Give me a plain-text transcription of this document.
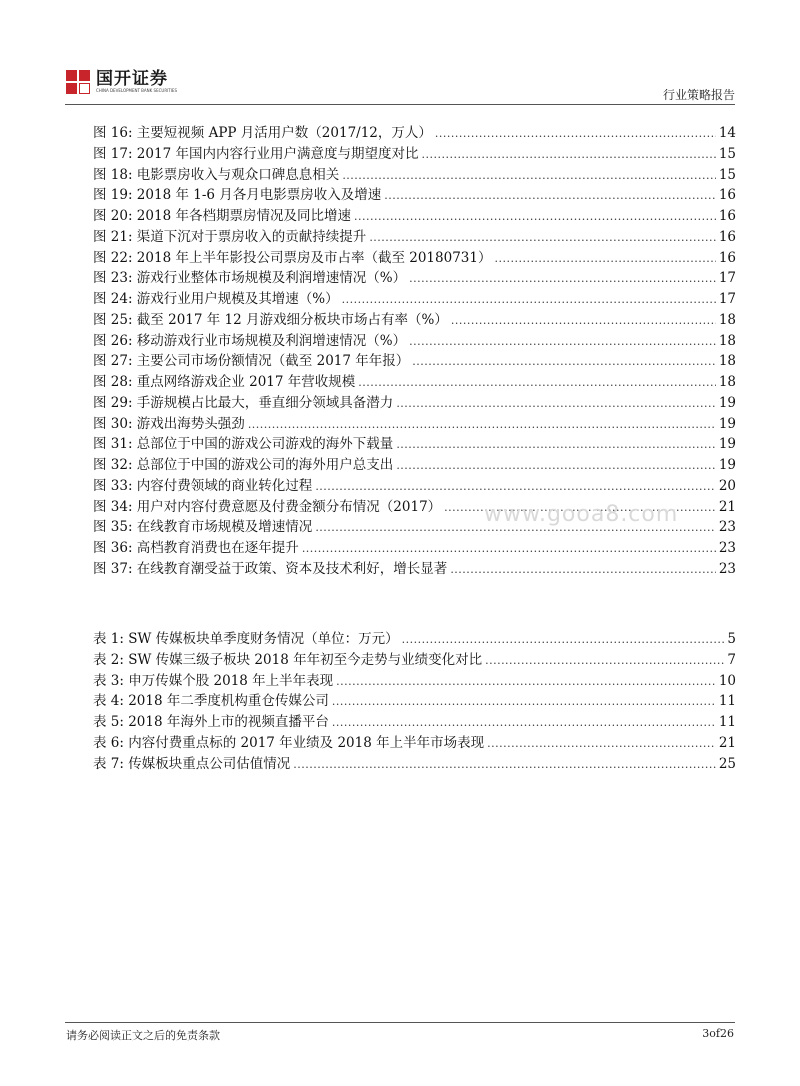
国开证券
CHINA DEVELOPMENT BANK SECURITIES	行业策略报告
图 16: 主要短视频 APP 月活用户数（2017/12，万人） .....	14
图 17: 2017 年国内内容行业用户满意度与期望度对比 .....	15
图 18: 电影票房收入与观众口碑息息相关 .....	15
图 19: 2018 年 1-6 月各月电影票房收入及增速 .....	16
图 20: 2018 年各档期票房情况及同比增速 .....	16
图 21: 渠道下沉对于票房收入的贡献持续提升 .....	16
图 22: 2018 年上半年影投公司票房及市占率（截至 20180731） .....	16
图 23: 游戏行业整体市场规模及利润增速情况（%） .....	17
图 24: 游戏行业用户规模及其增速（%） .....	17
图 25: 截至 2017 年 12 月游戏细分板块市场占有率（%） .....	18
图 26: 移动游戏行业市场规模及利润增速情况（%） .....	18
图 27: 主要公司市场份额情况（截至 2017 年年报） .....	18
图 28: 重点网络游戏企业 2017 年营收规模 .....	18
图 29: 手游规模占比最大，垂直细分领域具备潜力 .....	19
图 30: 游戏出海势头强劲 .....	19
图 31: 总部位于中国的游戏公司游戏的海外下载量 .....	19
图 32: 总部位于中国的游戏公司的海外用户总支出 .....	19
图 33: 内容付费领域的商业转化过程 .....	20
图 34: 用户对内容付费意愿及付费金额分布情况（2017） .....	21
图 35: 在线教育市场规模及增速情况 .....	23
图 36: 高档教育消费也在逐年提升 .....	23
图 37: 在线教育潮受益于政策、资本及技术利好，增长显著 .....	23
表 1: SW 传媒板块单季度财务情况（单位：万元） .....	5
表 2: SW 传媒三级子板块 2018 年年初至今走势与业绩变化对比 .....	7
表 3: 申万传媒个股 2018 年上半年表现 .....	10
表 4: 2018 年二季度机构重仓传媒公司 .....	11
表 5: 2018 年海外上市的视频直播平台 .....	11
表 6: 内容付费重点标的 2017 年业绩及 2018 年上半年市场表现 .....	21
表 7: 传媒板块重点公司估值情况 .....	25
www.gooa8.com
请务必阅读正文之后的免责条款	3of26
